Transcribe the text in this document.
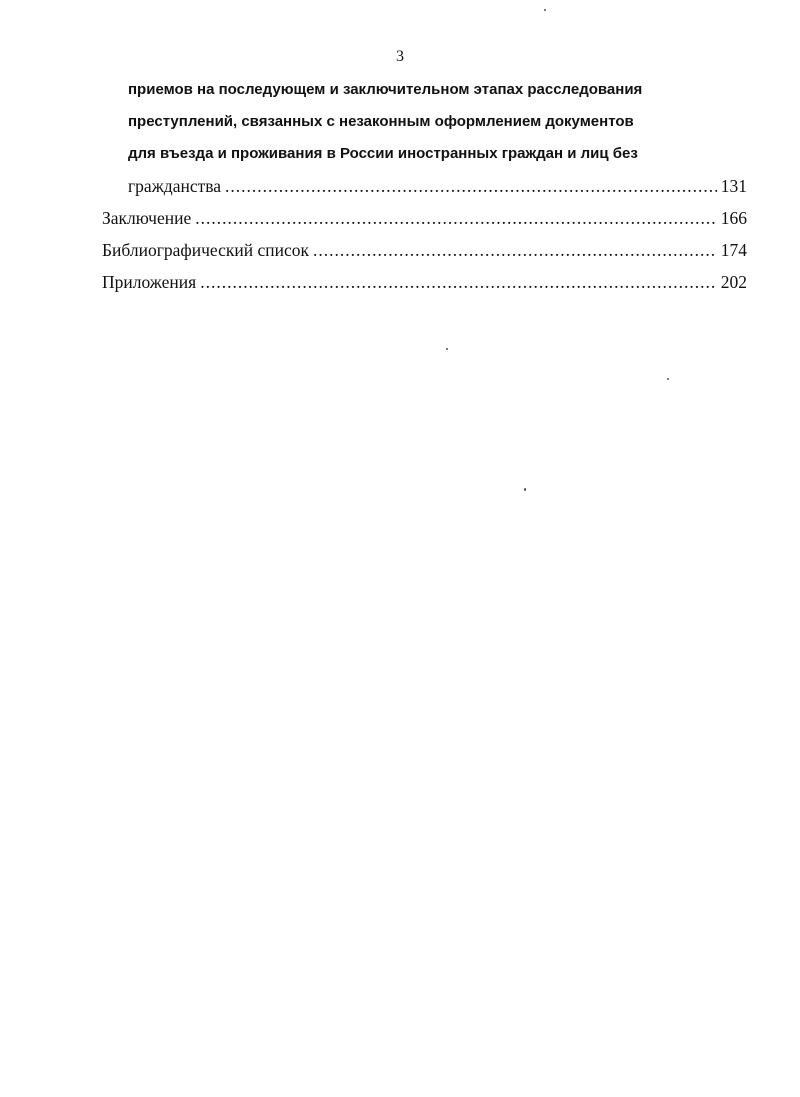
3
приемов на последующем и заключительном этапах расследования
преступлений, связанных с незаконным оформлением документов
для въезда и проживания в России иностранных граждан и лиц без
гражданства .....	131
Заключение .....	166
Библиографический список .....	174
Приложения .....	202
